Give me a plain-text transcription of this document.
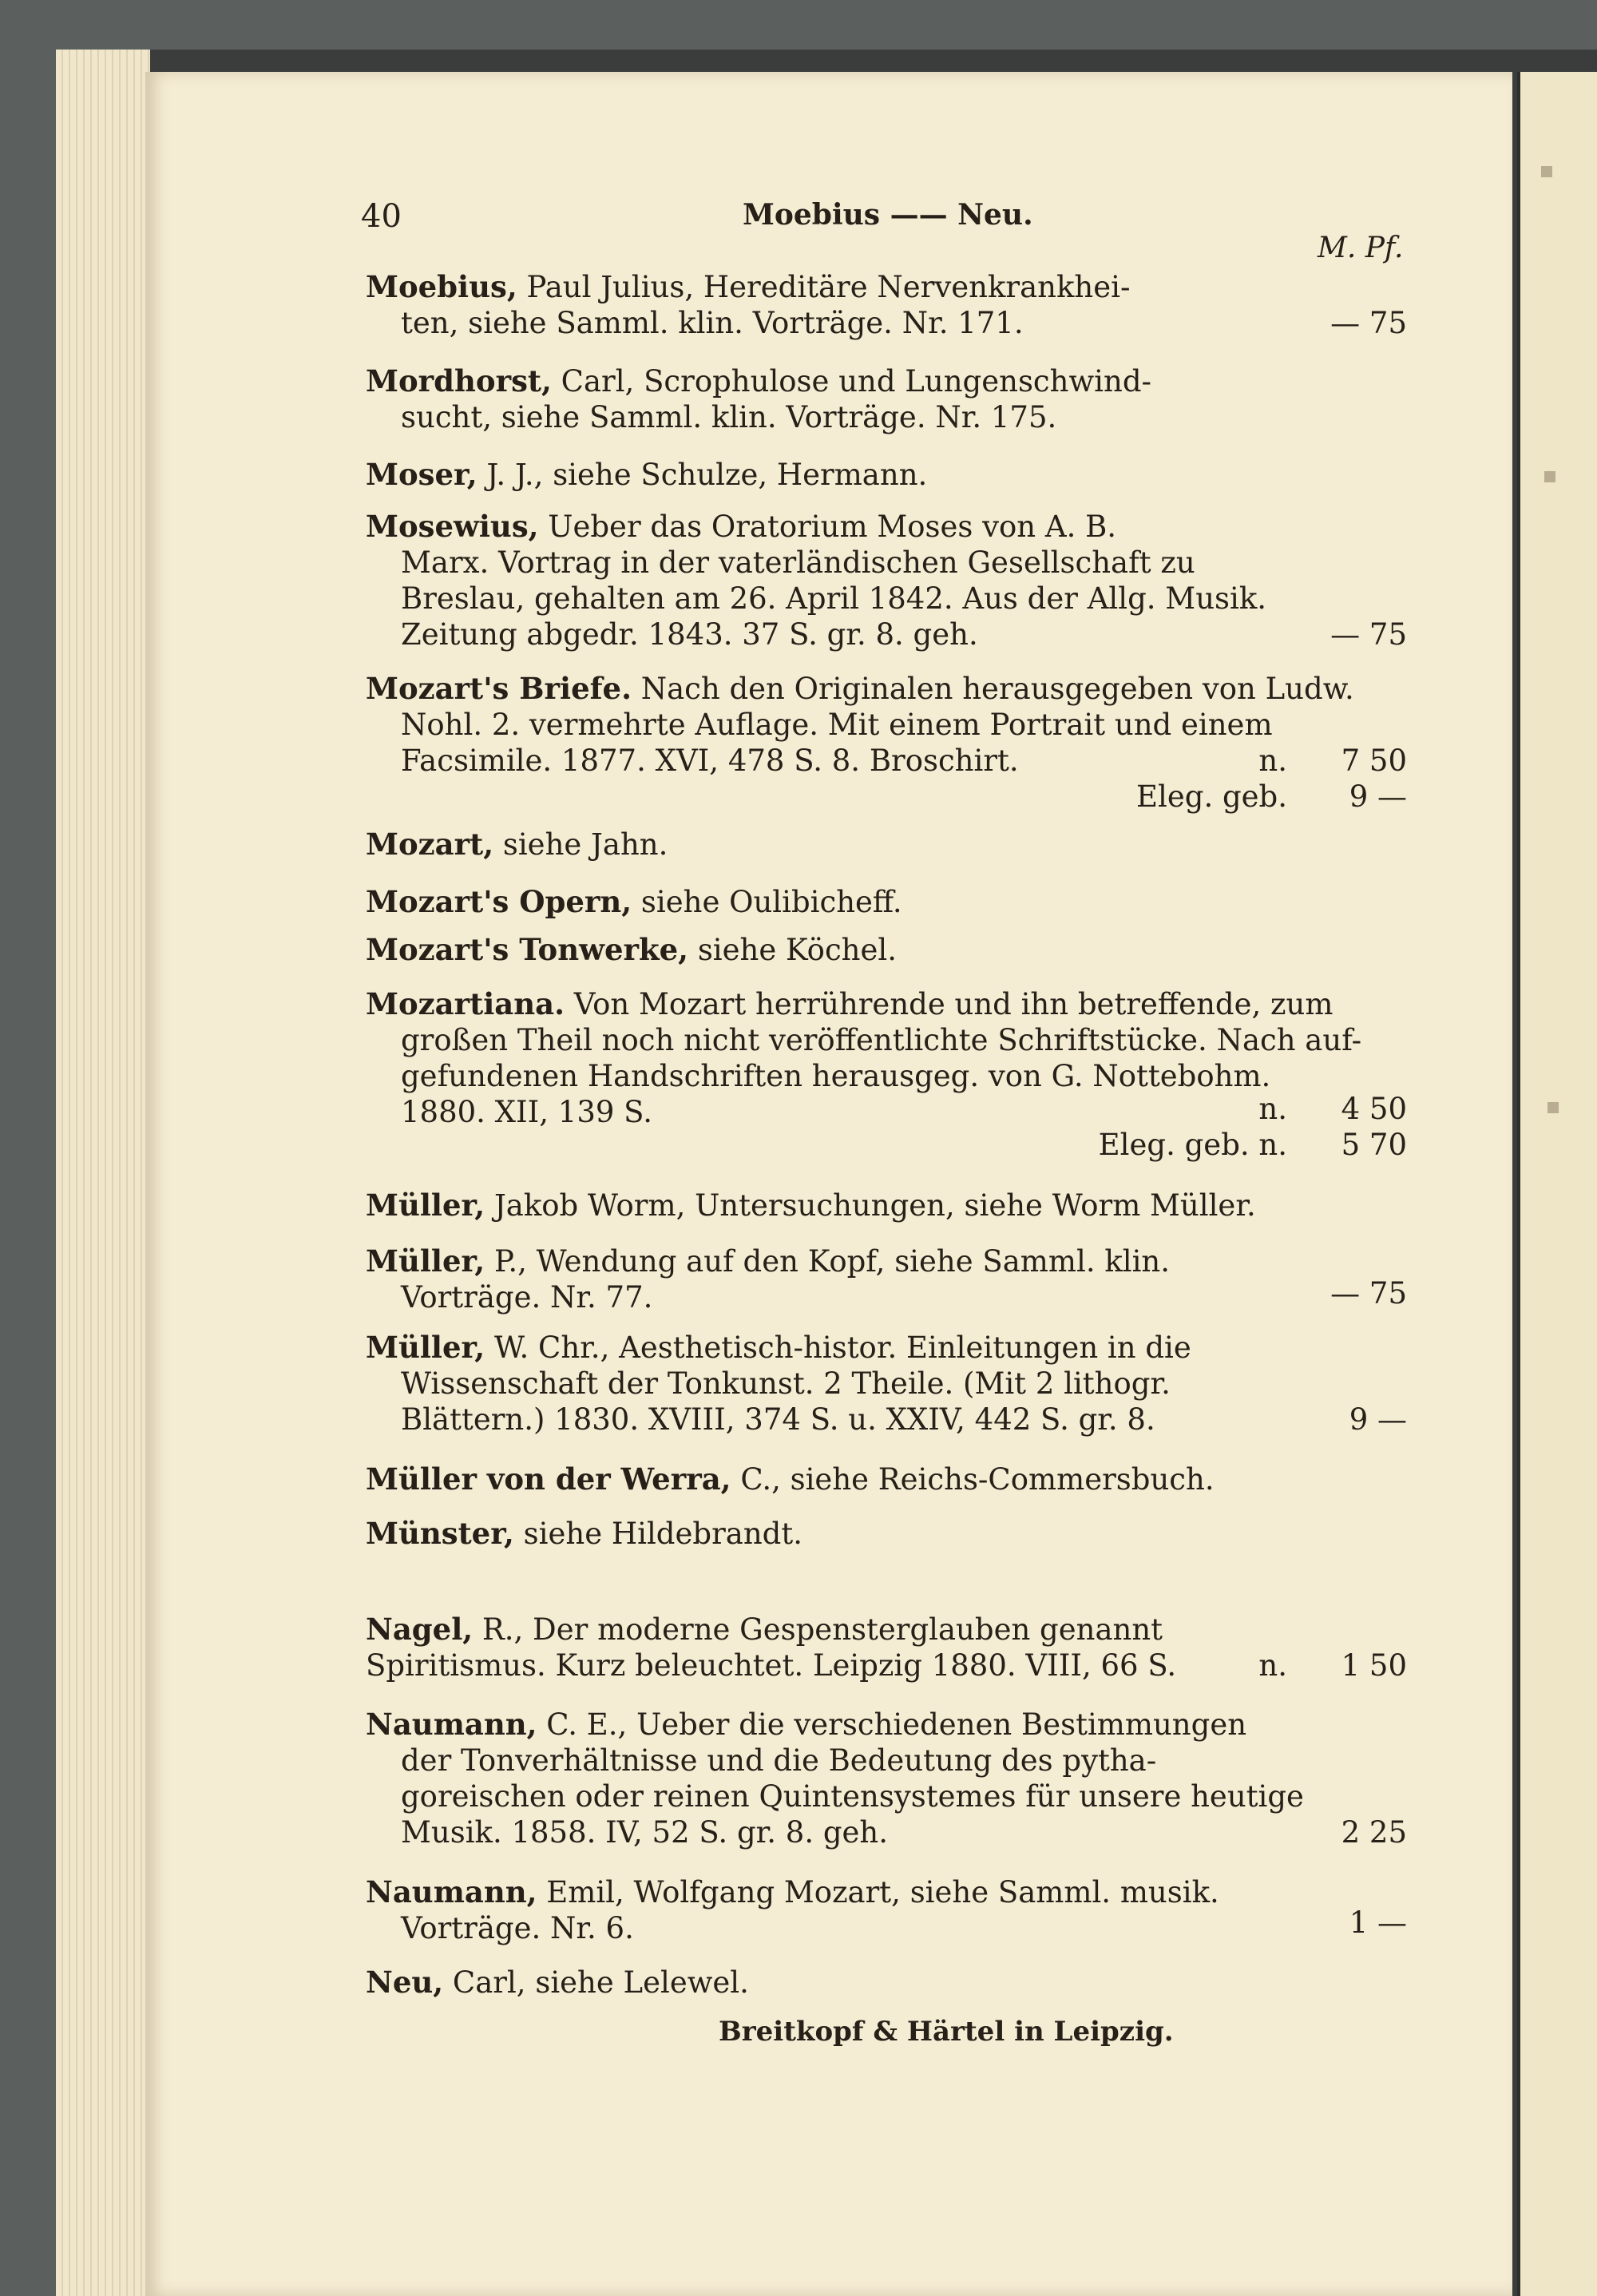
40	Moebius —— Neu.
M. Pf.
Moebius, Paul Julius, Hereditäre Nervenkrankhei-
ten, siehe Samml. klin. Vorträge. Nr. 171.	— 75
Mordhorst, Carl, Scrophulose und Lungenschwind-
sucht, siehe Samml. klin. Vorträge. Nr. 175.
Moser, J. J., siehe Schulze, Hermann.
Mosewius, Ueber das Oratorium Moses von A. B.
Marx. Vortrag in der vaterländischen Gesellschaft zu
Breslau, gehalten am 26. April 1842. Aus der Allg. Musik.
Zeitung abgedr. 1843. 37 S. gr. 8. geh.	— 75
Mozart's Briefe. Nach den Originalen herausgegeben von Ludw.
Nohl. 2. vermehrte Auflage. Mit einem Portrait und einem
Facsimile. 1877. XVI, 478 S. 8. Broschirt.	n.	7 50
Eleg. geb.	9 —
Mozart, siehe Jahn.
Mozart's Opern, siehe Oulibicheff.
Mozart's Tonwerke, siehe Köchel.
Mozartiana. Von Mozart herrührende und ihn betreffende, zum
großen Theil noch nicht veröffentlichte Schriftstücke. Nach auf-
gefundenen Handschriften herausgeg. von G. Nottebohm.
1880. XII, 139 S.	n.	4 50
Eleg. geb. n.	5 70
Müller, Jakob Worm, Untersuchungen, siehe Worm Müller.
Müller, P., Wendung auf den Kopf, siehe Samml. klin.
Vorträge. Nr. 77.	— 75
Müller, W. Chr., Aesthetisch-histor. Einleitungen in die
Wissenschaft der Tonkunst. 2 Theile. (Mit 2 lithogr.
Blättern.) 1830. XVIII, 374 S. u. XXIV, 442 S. gr. 8.	9 —
Müller von der Werra, C., siehe Reichs-Commersbuch.
Münster, siehe Hildebrandt.
Nagel, R., Der moderne Gespensterglauben genannt
Spiritismus. Kurz beleuchtet. Leipzig 1880. VIII, 66 S.	n.	1 50
Naumann, C. E., Ueber die verschiedenen Bestimmungen
der Tonverhältnisse und die Bedeutung des pytha-
goreischen oder reinen Quintensystemes für unsere heutige
Musik. 1858. IV, 52 S. gr. 8. geh.	2 25
Naumann, Emil, Wolfgang Mozart, siehe Samml. musik.
Vorträge. Nr. 6.	1 —
Neu, Carl, siehe Lelewel.
Breitkopf & Härtel in Leipzig.
